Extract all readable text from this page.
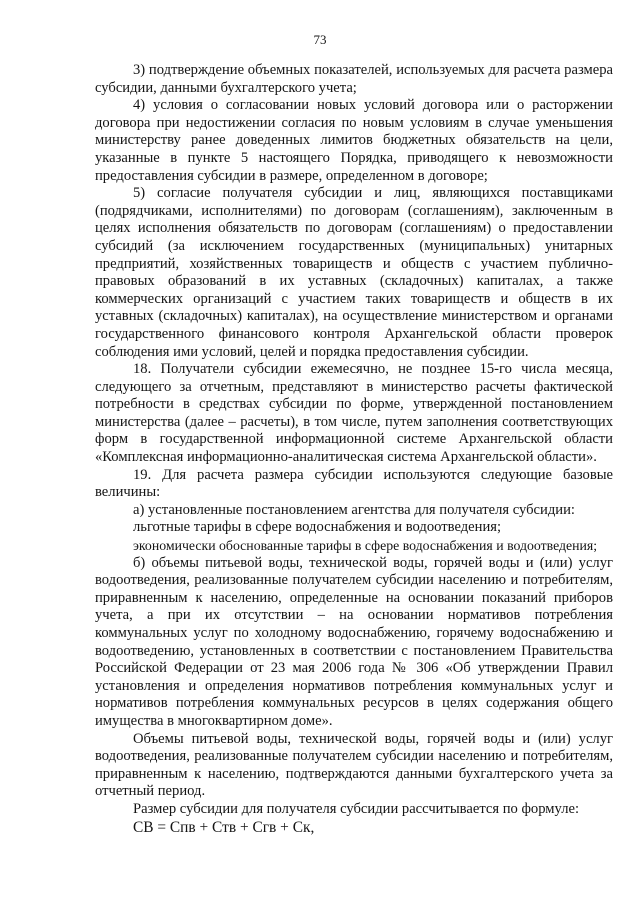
73

3) подтверждение объемных показателей, используемых для расчета размера субсидии, данными бухгалтерского учета;

4) условия о согласовании новых условий договора или о расторжении договора при недостижении согласия по новым условиям в случае уменьшения министерству ранее доведенных лимитов бюджетных обязательств на цели, указанные в пункте 5 настоящего Порядка, приводящего к невозможности предоставления субсидии в размере, определенном в договоре;

5) согласие получателя субсидии и лиц, являющихся поставщиками (подрядчиками, исполнителями) по договорам (соглашениям), заключенным в целях исполнения обязательств по договорам (соглашениям) о предоставлении субсидий (за исключением государственных (муниципальных) унитарных предприятий, хозяйственных товариществ и обществ с участием публично-правовых образований в их уставных (складочных) капиталах, а также коммерческих организаций с участием таких товариществ и обществ в их уставных (складочных) капиталах), на осуществление министерством и органами государственного финансового контроля Архангельской области проверок соблюдения ими условий, целей и порядка предоставления субсидии.

18. Получатели субсидии ежемесячно, не позднее 15-го числа месяца, следующего за отчетным, представляют в министерство расчеты фактической потребности в средствах субсидии по форме, утвержденной постановлением министерства (далее – расчеты), в том числе, путем заполнения соответствующих форм в государственной информационной системе Архангельской области «Комплексная информационно-аналитическая система Архангельской области».

19. Для расчета размера субсидии используются следующие базовые величины:

а) установленные постановлением агентства для получателя субсидии:

льготные тарифы в сфере водоснабжения и водоотведения;

экономически обоснованные тарифы в сфере водоснабжения и водоотведения;

б) объемы питьевой воды, технической воды, горячей воды и (или) услуг водоотведения, реализованные получателем субсидии населению и потребителям, приравненным к населению, определенные на основании показаний приборов учета, а при их отсутствии – на основании нормативов потребления коммунальных услуг по холодному водоснабжению, горячему водоснабжению и водоотведению, установленных в соответствии с постановлением Правительства Российской Федерации от 23 мая 2006 года № 306 «Об утверждении Правил установления и определения нормативов потребления коммунальных услуг и нормативов потребления коммунальных ресурсов в целях содержания общего имущества в многоквартирном доме».

Объемы питьевой воды, технической воды, горячей воды и (или) услуг водоотведения, реализованные получателем субсидии населению и потребителям, приравненным к населению, подтверждаются данными бухгалтерского учета за отчетный период.

Размер субсидии для получателя субсидии рассчитывается по формуле:

СВ = Спв + Ств + Сгв + Ск,
